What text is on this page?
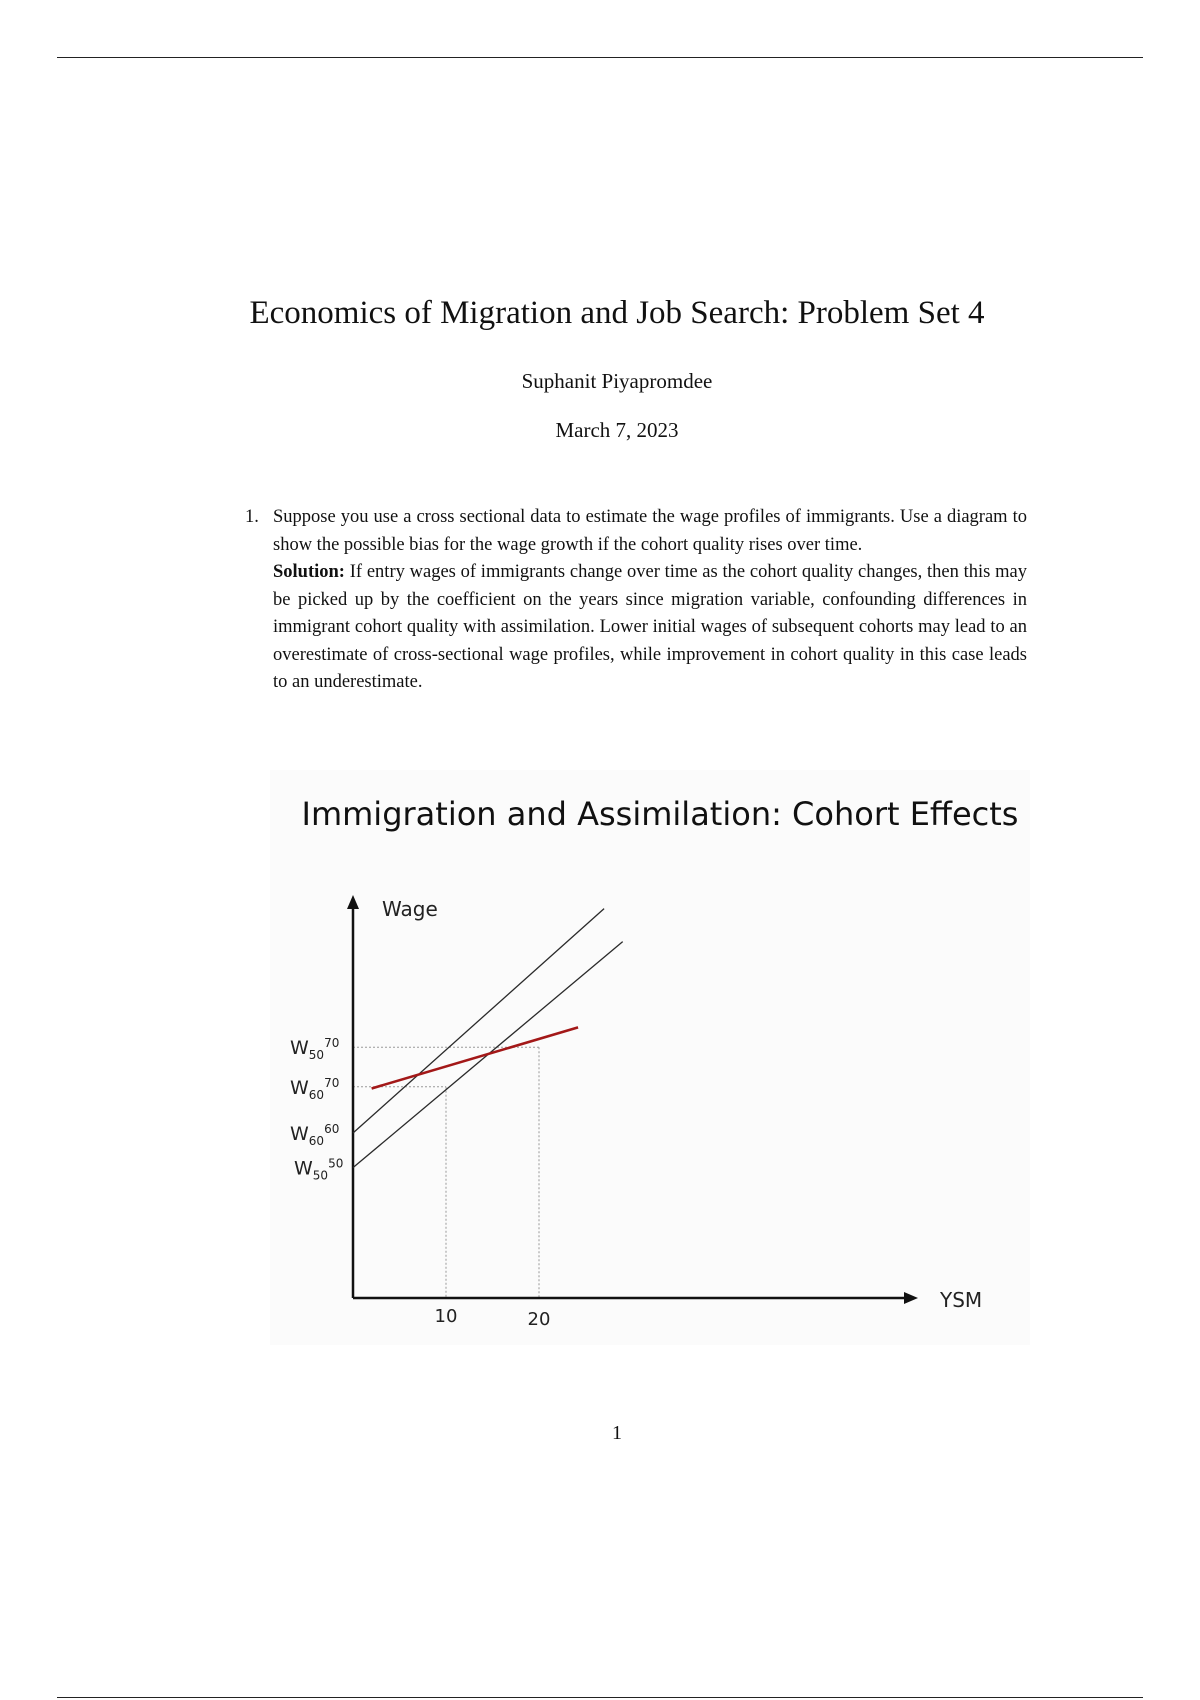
Economics of Migration and Job Search: Problem Set 4
Suphanit Piyapromdee
March 7, 2023
1. Suppose you use a cross sectional data to estimate the wage profiles of immigrants. Use a diagram to show the possible bias for the wage growth if the cohort quality rises over time.
Solution: If entry wages of immigrants change over time as the cohort quality changes, then this may be picked up by the coefficient on the years since migration variable, confounding differences in immigrant cohort quality with assimilation. Lower initial wages of subsequent cohorts may lead to an overestimate of cross-sectional wage profiles, while improvement in cohort quality in this case leads to an underestimate.
Immigration and Assimilation: Cohort Effects
Wage
YSM
10	20
$W_{50}^{70}$
$W_{60}^{70}$
$W_{60}^{60}$
$W_{50}^{50}$
1
